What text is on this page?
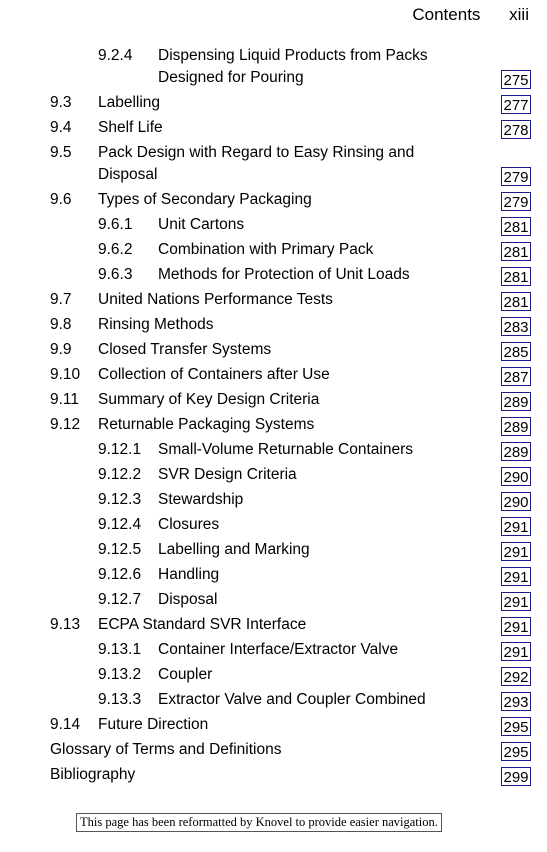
Contents xiii
9.2.4 Dispensing Liquid Products from Packs
Designed for Pouring	275
9.3 Labelling	277
9.4 Shelf Life	278
9.5 Pack Design with Regard to Easy Rinsing and
Disposal	279
9.6 Types of Secondary Packaging	279
9.6.1 Unit Cartons	281
9.6.2 Combination with Primary Pack	281
9.6.3 Methods for Protection of Unit Loads	281
9.7 United Nations Performance Tests	281
9.8 Rinsing Methods	283
9.9 Closed Transfer Systems	285
9.10 Collection of Containers after Use	287
9.11 Summary of Key Design Criteria	289
9.12 Returnable Packaging Systems	289
9.12.1 Small-Volume Returnable Containers	289
9.12.2 SVR Design Criteria	290
9.12.3 Stewardship	290
9.12.4 Closures	291
9.12.5 Labelling and Marking	291
9.12.6 Handling	291
9.12.7 Disposal	291
9.13 ECPA Standard SVR Interface	291
9.13.1 Container Interface/Extractor Valve	291
9.13.2 Coupler	292
9.13.3 Extractor Valve and Coupler Combined	293
9.14 Future Direction	295
Glossary of Terms and Definitions	295
Bibliography	299
This page has been reformatted by Knovel to provide easier navigation.
